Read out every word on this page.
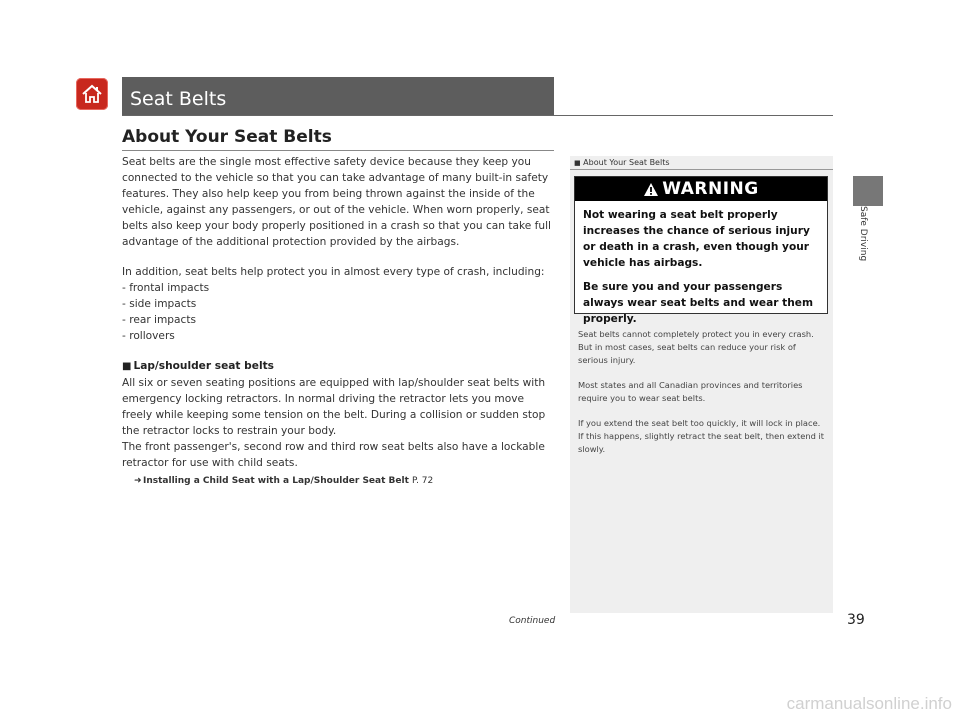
Seat Belts
About Your Seat Belts

Seat belts are the single most effective safety device because they keep you connected to the vehicle so that you can take advantage of many built-in safety features. They also help keep you from being thrown against the inside of the vehicle, against any passengers, or out of the vehicle. When worn properly, seat belts also keep your body properly positioned in a crash so that you can take full advantage of the additional protection provided by the airbags.

In addition, seat belts help protect you in almost every type of crash, including:

- frontal impacts

- side impacts

- rear impacts

- rollovers

■ Lap/shoulder seat belts

All six or seven seating positions are equipped with lap/shoulder seat belts with emergency locking retractors. In normal driving the retractor lets you move freely while keeping some tension on the belt. During a collision or sudden stop the retractor locks to restrain your body.

The front passenger's, second row and third row seat belts also have a lockable retractor for use with child seats.

➜Installing a Child Seat with a Lap/Shoulder Seat Belt P. 72
■ About Your Seat Belts
WARNING

Not wearing a seat belt properly increases the chance of serious injury or death in a crash, even though your vehicle has airbags.

Be sure you and your passengers always wear seat belts and wear them properly.

Seat belts cannot completely protect you in every crash. But in most cases, seat belts can reduce your risk of serious injury.

Most states and all Canadian provinces and territories require you to wear seat belts.

If you extend the seat belt too quickly, it will lock in place. If this happens, slightly retract the seat belt, then extend it slowly.

Safe Driving
Continued	39
carmanualsonline.info
